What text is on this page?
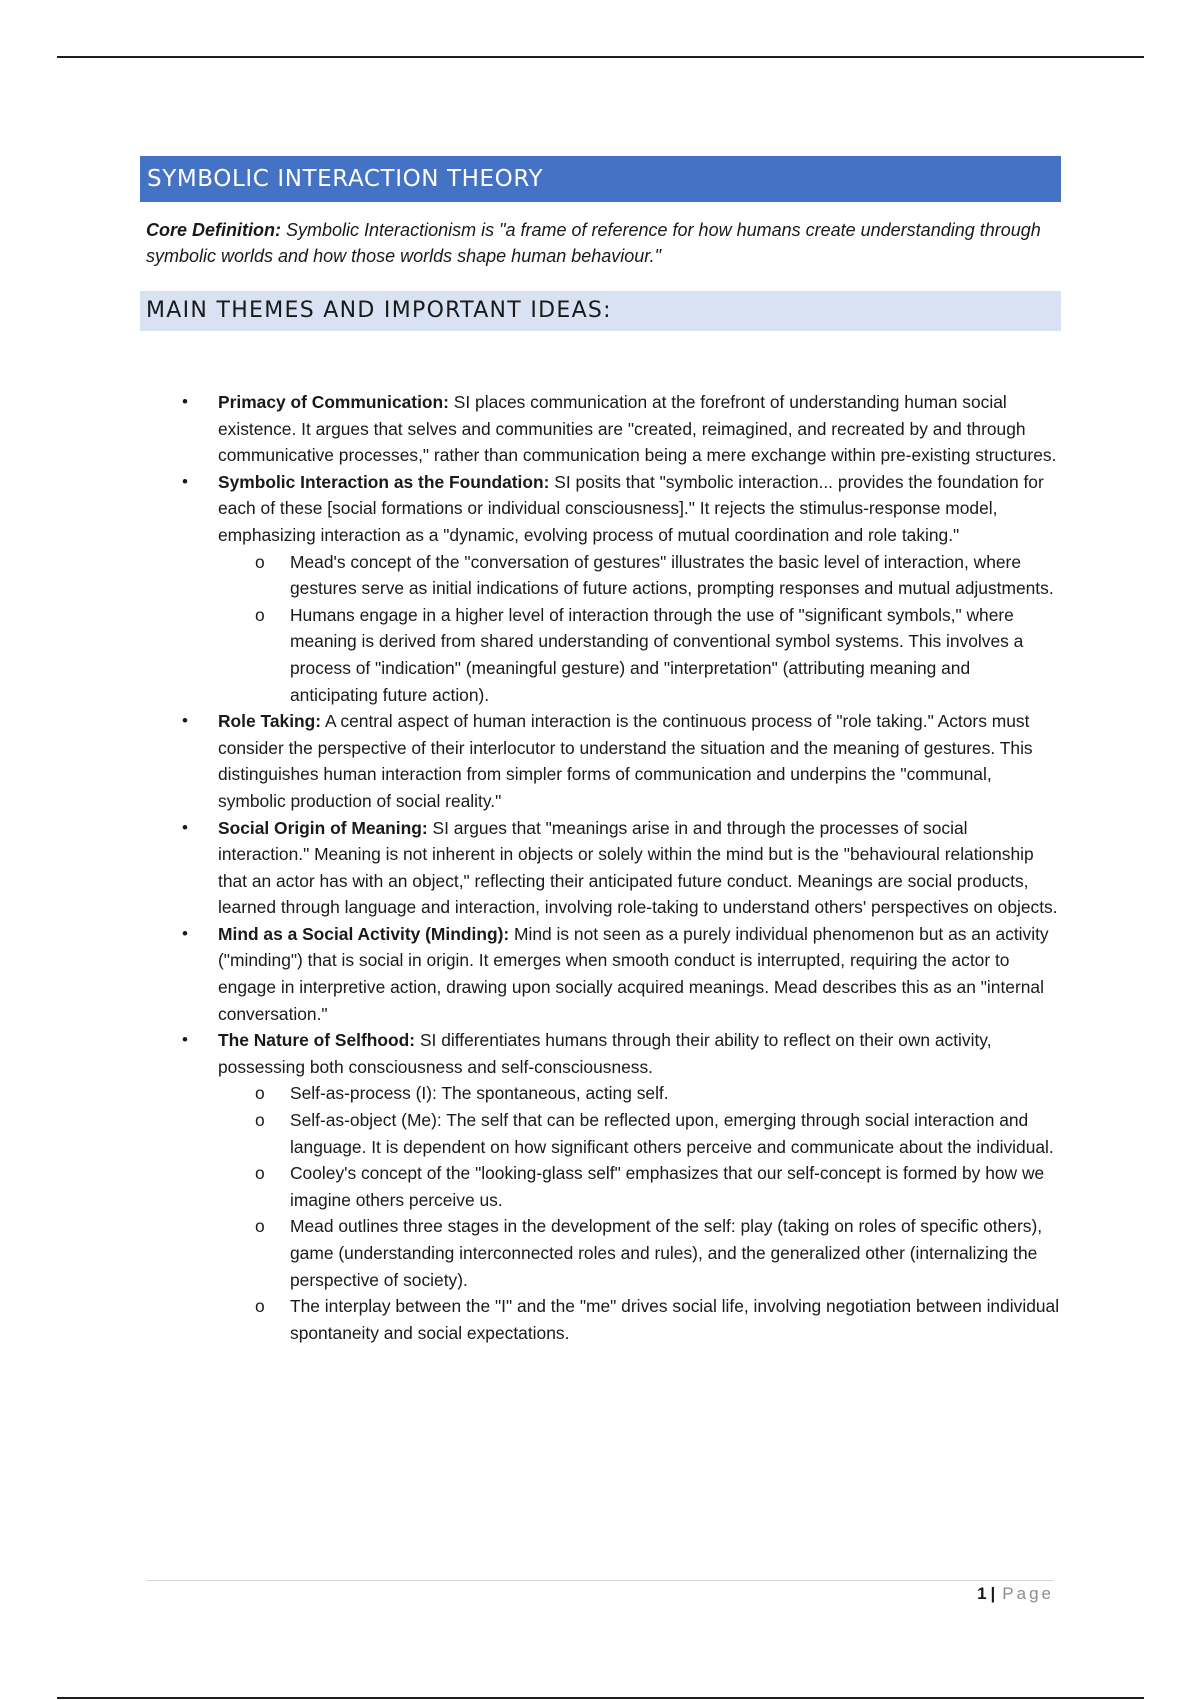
SYMBOLIC INTERACTION THEORY
Core Definition: Symbolic Interactionism is "a frame of reference for how humans create understanding through symbolic worlds and how those worlds shape human behaviour."
MAIN THEMES AND IMPORTANT IDEAS:
• Primacy of Communication: SI places communication at the forefront of understanding human social existence. It argues that selves and communities are "created, reimagined, and recreated by and through communicative processes," rather than communication being a mere exchange within pre-existing structures.
• Symbolic Interaction as the Foundation: SI posits that "symbolic interaction... provides the foundation for each of these [social formations or individual consciousness]." It rejects the stimulus-response model, emphasizing interaction as a "dynamic, evolving process of mutual coordination and role taking."
o Mead's concept of the "conversation of gestures" illustrates the basic level of interaction, where gestures serve as initial indications of future actions, prompting responses and mutual adjustments.
o Humans engage in a higher level of interaction through the use of "significant symbols," where meaning is derived from shared understanding of conventional symbol systems. This involves a process of "indication" (meaningful gesture) and "interpretation" (attributing meaning and anticipating future action).
• Role Taking: A central aspect of human interaction is the continuous process of "role taking." Actors must consider the perspective of their interlocutor to understand the situation and the meaning of gestures. This distinguishes human interaction from simpler forms of communication and underpins the "communal, symbolic production of social reality."
• Social Origin of Meaning: SI argues that "meanings arise in and through the processes of social interaction." Meaning is not inherent in objects or solely within the mind but is the "behavioural relationship that an actor has with an object," reflecting their anticipated future conduct. Meanings are social products, learned through language and interaction, involving role-taking to understand others' perspectives on objects.
• Mind as a Social Activity (Minding): Mind is not seen as a purely individual phenomenon but as an activity ("minding") that is social in origin. It emerges when smooth conduct is interrupted, requiring the actor to engage in interpretive action, drawing upon socially acquired meanings. Mead describes this as an "internal conversation."
• The Nature of Selfhood: SI differentiates humans through their ability to reflect on their own activity, possessing both consciousness and self-consciousness.
o Self-as-process (I): The spontaneous, acting self.
o Self-as-object (Me): The self that can be reflected upon, emerging through social interaction and language. It is dependent on how significant others perceive and communicate about the individual.
o Cooley's concept of the "looking-glass self" emphasizes that our self-concept is formed by how we imagine others perceive us.
o Mead outlines three stages in the development of the self: play (taking on roles of specific others), game (understanding interconnected roles and rules), and the generalized other (internalizing the perspective of society).
o The interplay between the "I" and the "me" drives social life, involving negotiation between individual spontaneity and social expectations.
1 | Page
